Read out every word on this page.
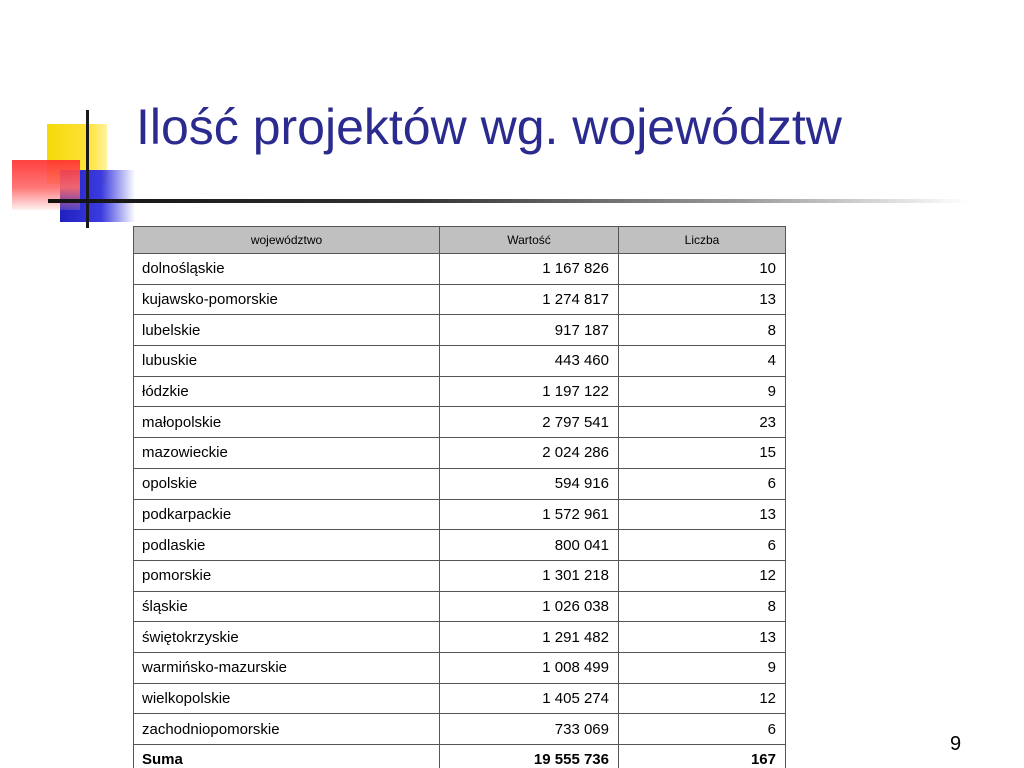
Ilość projektów wg. województw
województwo	Wartość	Liczba
dolnośląskie	1 167 826	10
kujawsko-pomorskie	1 274 817	13
lubelskie	917 187	8
lubuskie	443 460	4
łódzkie	1 197 122	9
małopolskie	2 797 541	23
mazowieckie	2 024 286	15
opolskie	594 916	6
podkarpackie	1 572 961	13
podlaskie	800 041	6
pomorskie	1 301 218	12
śląskie	1 026 038	8
świętokrzyskie	1 291 482	13
warmińsko-mazurskie	1 008 499	9
wielkopolskie	1 405 274	12
zachodniopomorskie	733 069	6
Suma	19 555 736	167
9
